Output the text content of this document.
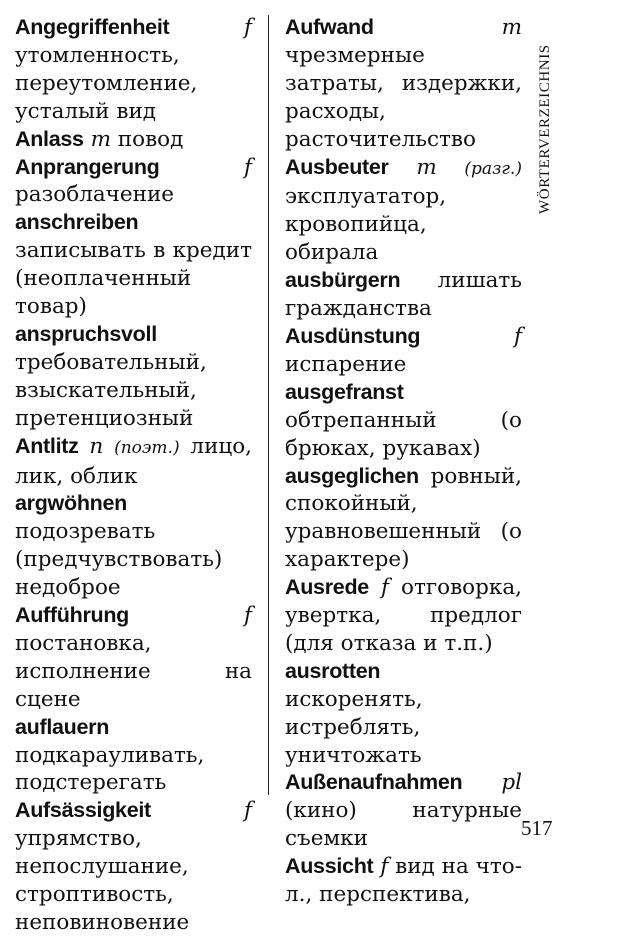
Angegriffenheit	f утомленность, переутомление, усталый вид
Anlass m повод
Anprangerung	f разоблачение
anschreiben записывать в кредит (неоплаченный товар)
anspruchsvoll требовательный, взыскательный, претенциозный
Antlitz n (поэт.) лицо, лик, облик
argwöhnen подозревать (предчувствовать) недоброе
Aufführung	f постановка, исполнение на сцене
auflauern подкарауливать, подстерегать
Aufsässigkeit	f упрямство, непослушание, строптивость, неповиновение
Aufwand	m чрезмерные затраты, издержки, расходы, расточительство
Ausbeuter m (разг.) эксплуататор, кровопийца, обирала
ausbürgern лишать гражданства
Ausdünstung	f испарение
ausgefranst обтрепанный (о брюках, рукавах)
ausgeglichen ровный, спокойный, уравновешенный (о характере)
Ausrede f отговорка, увертка, предлог (для отказа и т.п.)
ausrotten искоренять, истреблять, уничтожать
Außenaufnahmen pl (кино) натурные съемки
Aussicht f вид на что-л., перспектива,
WÖRTERVERZEICHNIS
517
